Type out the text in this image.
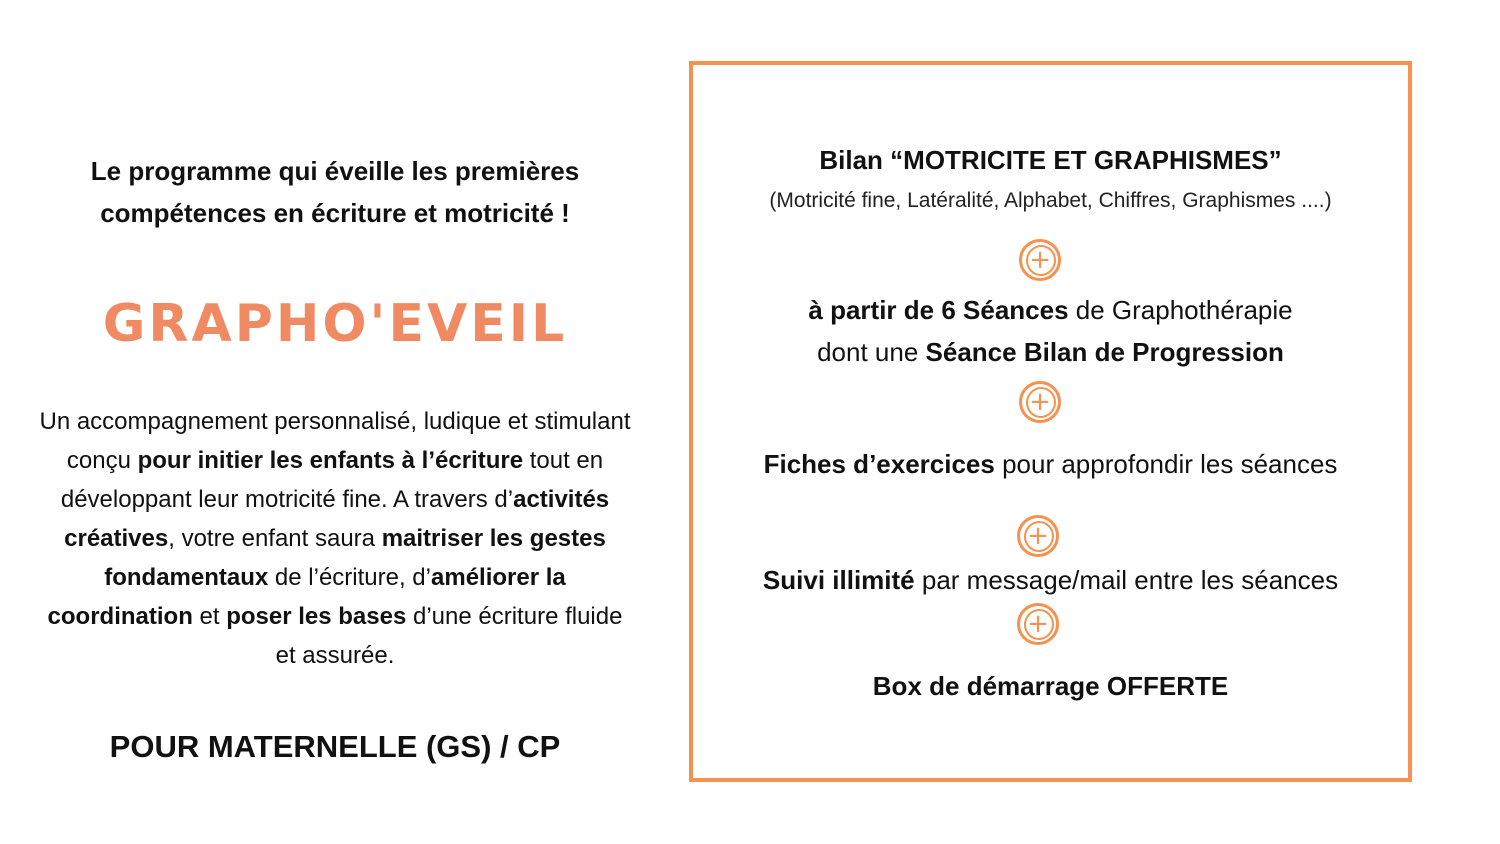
Le programme qui éveille les premières
compétences en écriture et motricité !

GRAPHO'EVEIL
Un accompagnement personnalisé, ludique et stimulant conçu pour initier les enfants à l’écriture tout en développant leur motricité fine. A travers d’activités créatives, votre enfant saura maitriser les gestes fondamentaux de l’écriture, d’améliorer la coordination et poser les bases d’une écriture fluide et assurée.
POUR MATERNELLE (GS) / CP
Bilan “MOTRICITE ET GRAPHISMES”
(Motricité fine, Latéralité, Alphabet, Chiffres, Graphismes ....)
+
à partir de 6 Séances de Graphothérapie
dont une Séance Bilan de Progression
+
Fiches d’exercices pour approfondir les séances
+
Suivi illimité par message/mail entre les séances
+
Box de démarrage OFFERTE
